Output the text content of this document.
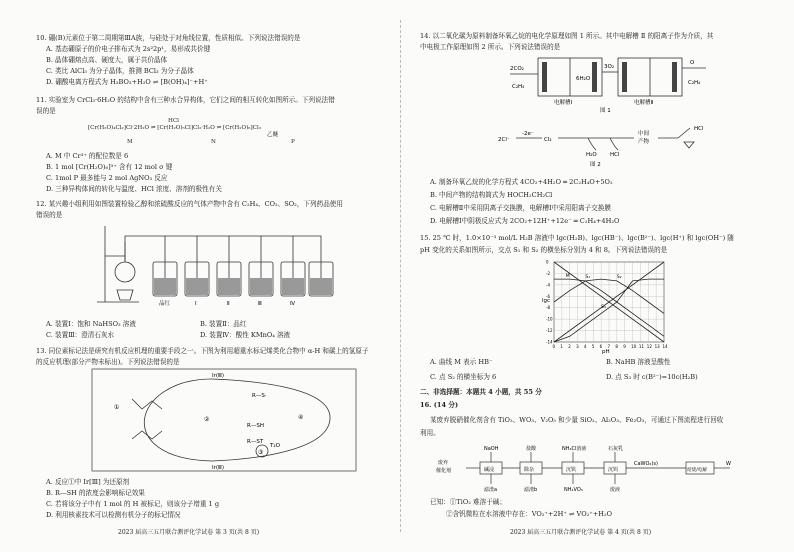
10. 硼(B)元素位于第二周期第ⅢA族，与硅处于对角线位置，性质相似。下列说法错误的是
A. 基态硼原子的价电子排布式为 2s²2p¹，易形成共价键
B. 晶体硼熔点高、硬度大，属于共价晶体
C. 类比 AlCl₃ 为分子晶体，推测 BCl₃ 为分子晶体
D. 硼酸电离方程式为 H₃BO₃+H₂O ⇌ [B(OH)₄]⁻+H⁺
11. 实验室为 CrCl₃·6H₂O 的结构中含有三种水合异构体，它们之间的相互转化如图所示。下列说法错
误的是
[Cr(H₂O)₄Cl₂]Cl·2H₂O ⇌ [Cr(H₂O)₅Cl]Cl₂·H₂O ⇌ [Cr(H₂O)₆]Cl₃
HCl
乙醚
M	N	P
A. M 中 Cr³⁺ 的配位数是 6
B. 1 mol [Cr(H₂O)₆]³⁺ 含有 12 mol σ 键
C. 1mol P 最多能与 2 mol AgNO₃ 反应
D. 三种异构体间的转化与温度、HCl 浓度、溶剂的极性有关
12. 某兴趣小组利用如图装置检验乙醇和浓硫酸反应的气体产物中含有 C₂H₄、CO₂、SO₂，下列药品使用
错误的是
品红	Ⅰ	Ⅱ	Ⅲ	Ⅳ
A. 装置Ⅰ：饱和 NaHSO₃ 溶液	B. 装置Ⅱ：品红
C. 装置Ⅲ：澄清石灰水	D. 装置Ⅳ：酸性 KMnO₄ 溶液
13. 同位素标记法是研究有机反应机理的重要手段之一。下图为利用超重水标记烯类化合物中 α-H 和碳上的氢原子
的反应机理(部分产物未标出)。下列说法错误的是
Ir(Ⅲ)
Ir(Ⅲ)
R—S·
R—SH
R—ST
T₂O
①
②
③
④
A. 反应①中 Ir[Ⅲ] 为还原剂
B. R—SH 的浓度会影响标记效果
C. 若将该分子中有 1 mol 的 H 被标记，则该分子增重 1 g
D. 利用核素技术可以检测有机分子的标记情况
2023 届高三五月联合测评化学试卷 第 3 页(共 8 页)
14. 以二氧化碳为原料制备环氧乙烷的电化学原理如图 1 所示。其中电解槽 Ⅱ 的阳离子作为介质，其
中电极工作原理如图 2 所示。下列说法错误的是
2CO₂
6H₂O
3O₂
C₂H₄
O
C₂H₄
电解槽Ⅰ	电解槽Ⅱ
图 1
2Cl⁻
-2e⁻
Cl₂
H₂O HCl
中间
产物
HCl
图 2
A. 制备环氧乙烷的化学方程式 4CO₂+4H₂O ═ 2C₂H₄O+5O₂
B. 中间产物的结构简式为 HOCH₂CH₂Cl
C. 电解槽Ⅱ中采用阴离子交换膜，电解槽Ⅰ中采用阳离子交换膜
D. 电解槽Ⅰ中阴极反应式为 2CO₂+12H⁺+12e⁻ ═ C₂H₄+4H₂O
15. 25 ℃ 时，1.0×10⁻³ mol/L H₂B 溶液中 lgc(H₂B)、lgc(HB⁻)、lgc(B²⁻)、lgc(H⁺) 和 lgc(OH⁻) 随
pH 变化的关系如图所示，交点 S₁ 和 S₂ 的横坐标分别为 4 和 8。下列说法错误的是
S₁	S₂
S₃
M
0 1 2 3 4 5 6 7 8 9 10 11 12 13 14
0
-2
-4
-6
-8
-10
-12
-14
lgc
pH
A. 曲线 M 表示 HB⁻	B. NaHB 溶液呈酸性
C. 点 S₂ 的横坐标为 6	D. 点 S₃ 时 c(B²⁻)=10c(H₂B)
二、非选择题：本题共 4 小题，共 55 分
16. (14 分)
某废弃脱硝催化剂含有 TiO₂、WO₃、V₂O₅ 和少量 SiO₂、Al₂O₃、Fe₂O₃，可通过下图流程进行回收
利用。
废弃
催化剂
NaOH	盐酸	NH₄Cl溶液	石灰乳
碱浸	除杂	沉钒	沉钨
滤渣a	滤渣b	NH₄VO₃	废液
CaWO₄(s)
焙烧/电解
W
已知：①TiO₂ 难溶于碱；
②含钒微粒在水溶液中存在：VO₂⁺+2H⁺ ⇌ VO₂⁺+H₂O
2023 届高三五月联合测评化学试卷 第 4 页(共 8 页)
